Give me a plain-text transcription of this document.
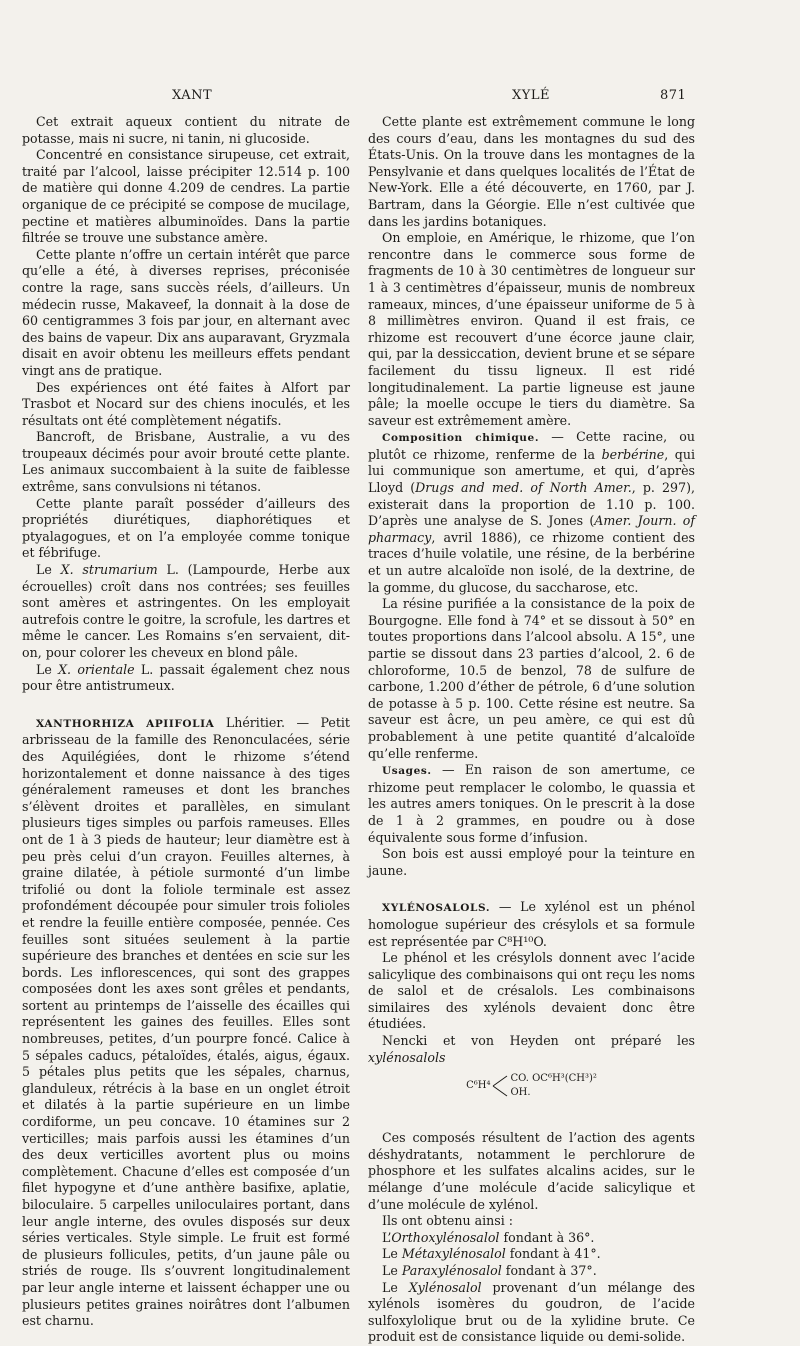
XANT	XYLÉ	871

Cet extrait aqueux contient du nitrate de potasse, mais ni sucre, ni tanin, ni glucoside.

Concentré en consistance sirupeuse, cet extrait, traité par l’alcool, laisse précipiter 12.514 p. 100 de matière qui donne 4.209 de cendres. La partie organique de ce précipité se compose de mucilage, pectine et matières albuminoïdes. Dans la partie filtrée se trouve une substance amère.

Cette plante n’offre un certain intérêt que parce qu’elle a été, à diverses reprises, préconisée contre la rage, sans succès réels, d’ailleurs. Un médecin russe, Makaveef, la donnait à la dose de 60 centigrammes 3 fois par jour, en alternant avec des bains de vapeur. Dix ans auparavant, Gryzmala disait en avoir obtenu les meilleurs effets pendant vingt ans de pratique.

Des expériences ont été faites à Alfort par Trasbot et Nocard sur des chiens inoculés, et les résultats ont été complètement négatifs.

Bancroft, de Brisbane, Australie, a vu des troupeaux décimés pour avoir brouté cette plante. Les animaux succombaient à la suite de faiblesse extrême, sans convulsions ni tétanos.

Cette plante paraît posséder d’ailleurs des propriétés diurétiques, diaphorétiques et ptyalagogues, et on l’a employée comme tonique et fébrifuge.

Le X. strumarium L. (Lampourde, Herbe aux écrouelles) croît dans nos contrées; ses feuilles sont amères et astringentes. On les employait autrefois contre le goitre, la scrofule, les dartres et même le cancer. Les Romains s’en servaient, dit-on, pour colorer les cheveux en blond pâle.

Le X. orientale L. passait également chez nous pour être antistrumeux.

XANTHORHIZA APIIFOLIA Lhéritier. — Petit arbrisseau de la famille des Renonculacées, série des Aquilégiées, dont le rhizome s’étend horizontalement et donne naissance à des tiges généralement rameuses et dont les branches s’élèvent droites et parallèles, en simulant plusieurs tiges simples ou parfois rameuses. Elles ont de 1 à 3 pieds de hauteur; leur diamètre est à peu près celui d’un crayon. Feuilles alternes, à graine dilatée, à pétiole surmonté d’un limbe trifolié ou dont la foliole terminale est assez profondément découpée pour simuler trois folioles et rendre la feuille entière composée, pennée. Ces feuilles sont situées seulement à la partie supérieure des branches et dentées en scie sur les bords. Les inflorescences, qui sont des grappes composées dont les axes sont grêles et pendants, sortent au printemps de l’aisselle des écailles qui représentent les gaines des feuilles. Elles sont nombreuses, petites, d’un pourpre foncé. Calice à 5 sépales caducs, pétaloïdes, étalés, aigus, égaux. 5 pétales plus petits que les sépales, charnus, glanduleux, rétrécis à la base en un onglet étroit et dilatés à la partie supérieure en un limbe cordiforme, un peu concave. 10 étamines sur 2 verticilles; mais parfois aussi les étamines d’un des deux verticilles avortent plus ou moins complètement. Chacune d’elles est composée d’un filet hypogyne et d’une anthère basifixe, aplatie, biloculaire. 5 carpelles uniloculaires portant, dans leur angle interne, des ovules disposés sur deux séries verticales. Style simple. Le fruit est formé de plusieurs follicules, petits, d’un jaune pâle ou striés de rouge. Ils s’ouvrent longitudinalement par leur angle interne et laissent échapper une ou plusieurs petites graines noirâtres dont l’albumen est charnu.

Cette plante est extrêmement commune le long des cours d’eau, dans les montagnes du sud des États-Unis. On la trouve dans les montagnes de la Pensylvanie et dans quelques localités de l’État de New-York. Elle a été découverte, en 1760, par J. Bartram, dans la Géorgie. Elle n’est cultivée que dans les jardins botaniques.

On emploie, en Amérique, le rhizome, que l’on rencontre dans le commerce sous forme de fragments de 10 à 30 centimètres de longueur sur 1 à 3 centimètres d’épaisseur, munis de nombreux rameaux, minces, d’une épaisseur uniforme de 5 à 8 millimètres environ. Quand il est frais, ce rhizome est recouvert d’une écorce jaune clair, qui, par la dessiccation, devient brune et se sépare facilement du tissu ligneux. Il est ridé longitudinalement. La partie ligneuse est jaune pâle; la moelle occupe le tiers du diamètre. Sa saveur est extrêmement amère.

Composition chimique. — Cette racine, ou plutôt ce rhizome, renferme de la berbérine, qui lui communique son amertume, et qui, d’après Lloyd (Drugs and med. of North Amer., p. 297), existerait dans la proportion de 1.10 p. 100. D’après une analyse de S. Jones (Amer. Journ. of pharmacy, avril 1886), ce rhizome contient des traces d’huile volatile, une résine, de la berbérine et un autre alcaloïde non isolé, de la dextrine, de la gomme, du glucose, du saccharose, etc.

La résine purifiée a la consistance de la poix de Bourgogne. Elle fond à 74° et se dissout à 50° en toutes proportions dans l’alcool absolu. A 15°, une partie se dissout dans 23 parties d’alcool, 2. 6 de chloroforme, 10.5 de benzol, 78 de sulfure de carbone, 1.200 d’éther de pétrole, 6 d’une solution de potasse à 5 p. 100. Cette résine est neutre. Sa saveur est âcre, un peu amère, ce qui est dû probablement à une petite quantité d’alcaloïde qu’elle renferme.

Usages. — En raison de son amertume, ce rhizome peut remplacer le colombo, le quassia et les autres amers toniques. On le prescrit à la dose de 1 à 2 grammes, en poudre ou à dose équivalente sous forme d’infusion.

Son bois est aussi employé pour la teinture en jaune.

XYLÉNOSALOLS. — Le xylénol est un phénol homologue supérieur des crésylols et sa formule est représentée par C⁸H¹⁰O.

Le phénol et les crésylols donnent avec l’acide salicylique des combinaisons qui ont reçu les noms de salol et de crésalols. Les combinaisons similaires des xylénols devaient donc être étudiées.

Nencki et von Heyden ont préparé les xylénosalols

C⁶H⁴
CO. OC⁶H³(CH³)²
OH.

Ces composés résultent de l’action des agents déshydratants, notamment le perchlorure de phosphore et les sulfates alcalins acides, sur le mélange d’une molécule d’acide salicylique et d’une molécule de xylénol.

Ils ont obtenu ainsi :

L’Orthoxylénosalol fondant à 36°.

Le Métaxylénosalol fondant à 41°.

Le Paraxylénosalol fondant à 37°.

Le Xylénosalol provenant d’un mélange des xylénols isomères du goudron, de l’acide sulfoxylolique brut ou de la xylidine brute. Ce produit est de consistance liquide ou demi-solide.
